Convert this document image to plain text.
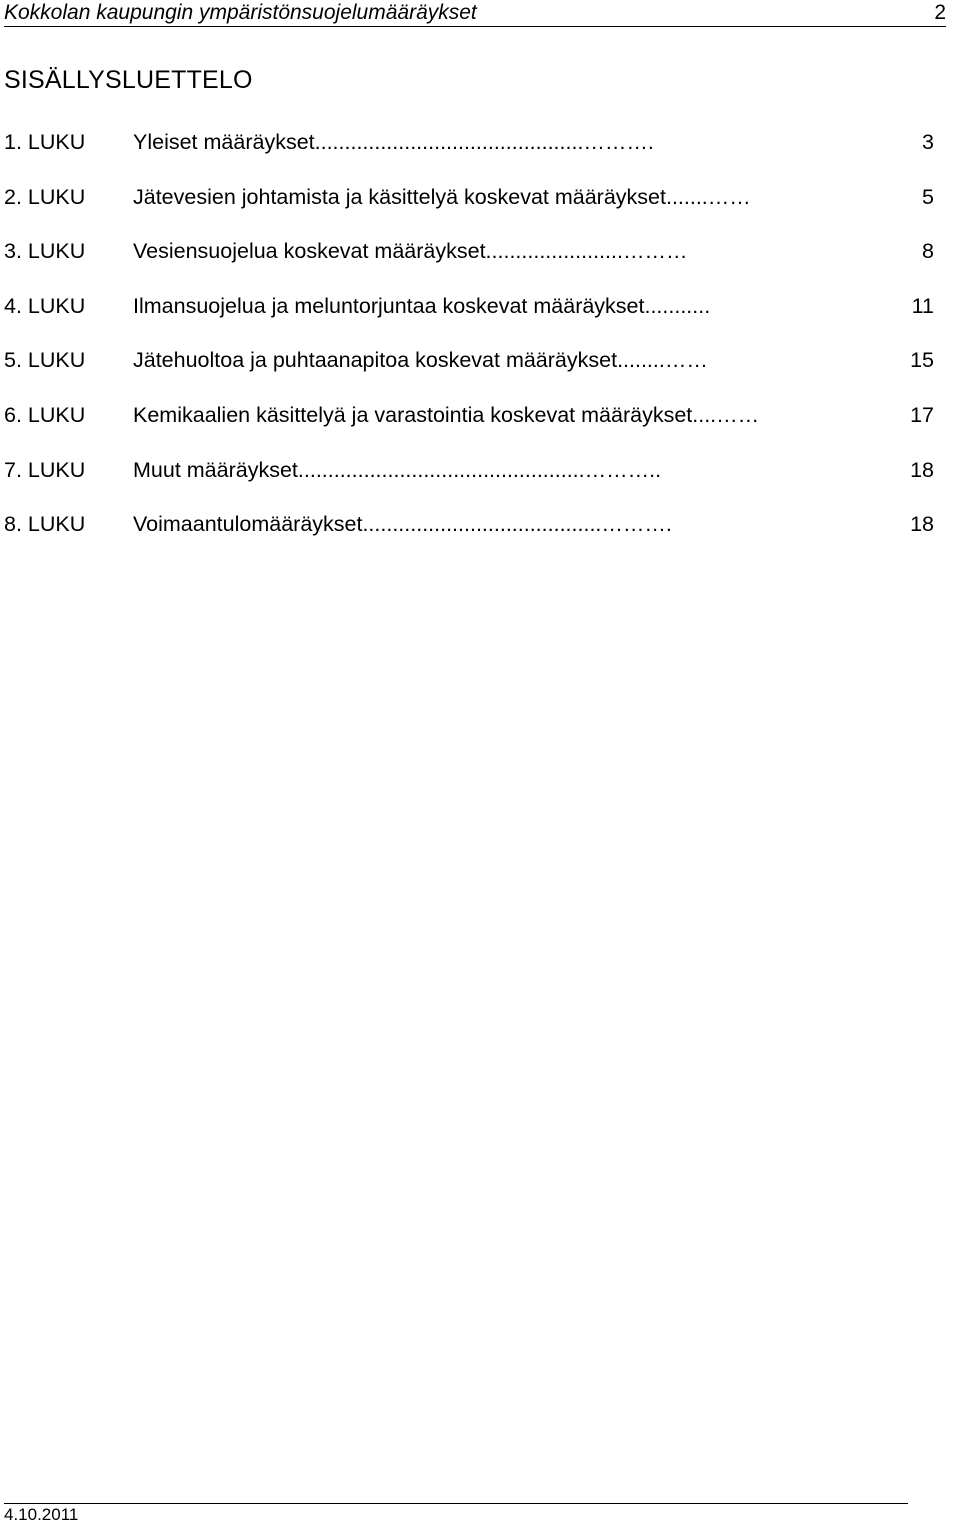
Kokkolan kaupungin ympäristönsuojelumääräykset	2
SISÄLLYSLUETTELO
1. LUKU Yleiset määräykset.............................................……….	3
2. LUKU Jätevesien johtamista ja käsittelyä koskevat määräykset.......……	5
3. LUKU Vesiensuojelua koskevat määräykset.......................………	8
4. LUKU Ilmansuojelua ja meluntorjuntaa koskevat määräykset...........	11
5. LUKU Jätehuoltoa ja puhtaanapitoa koskevat määräykset........……	15
6. LUKU Kemikaalien käsittelyä ja varastointia koskevat määräykset....……	17
7. LUKU Muut määräykset................................................………..	18
8. LUKU Voimaantulomääräykset........................................……….	18
4.10.2011
